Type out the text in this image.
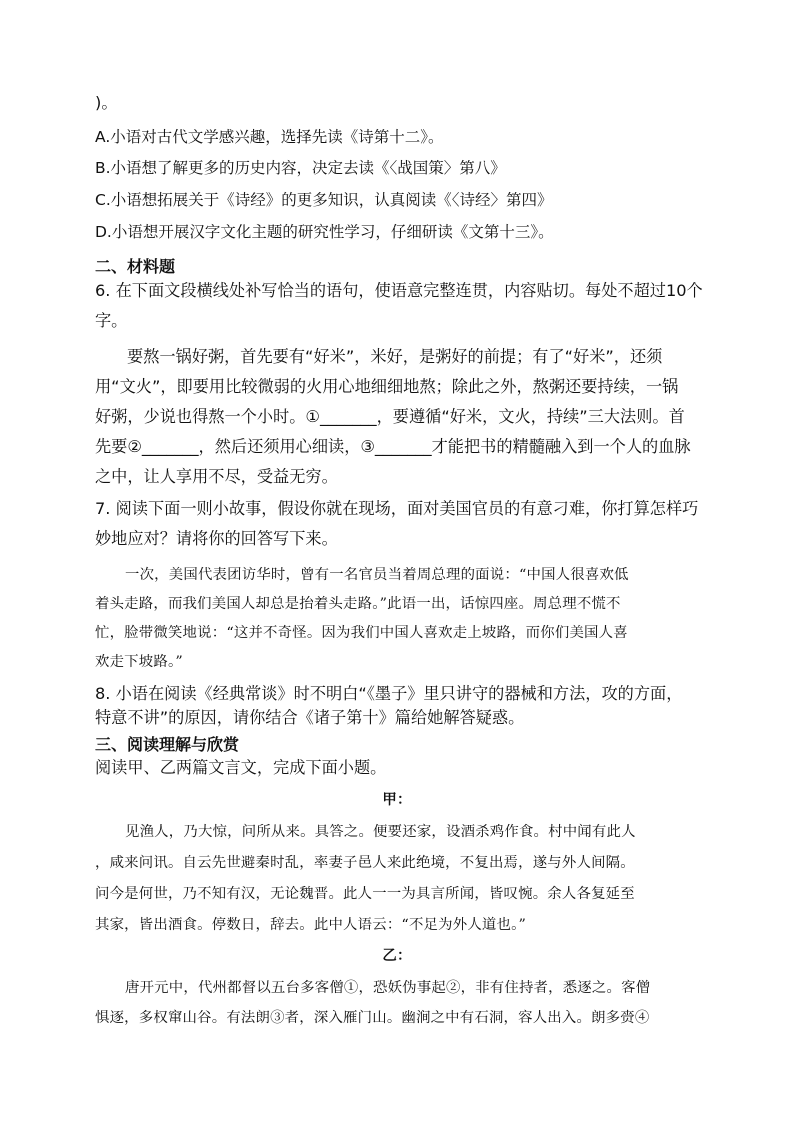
)。
A.小语对古代文学感兴趣，选择先读《诗第十二》。
B.小语想了解更多的历史内容，决定去读《〈战国策〉第八》
C.小语想拓展关于《诗经》的更多知识，认真阅读《〈诗经〉第四》
D.小语想开展汉字文化主题的研究性学习，仔细研读《文第十三》。
二、材料题
6. 在下面文段横线处补写恰当的语句，使语意完整连贯，内容贴切。每处不超过10个
字。
要熬一锅好粥，首先要有“好米”，米好，是粥好的前提；有了“好米”，还须
用“文火”，即要用比较微弱的火用心地细细地熬；除此之外，熬粥还要持续，一锅
好粥，少说也得熬一个小时。①_______，要遵循“好米，文火，持续”三大法则。首
先要②_______，然后还须用心细读，③_______才能把书的精髓融入到一个人的血脉
之中，让人享用不尽，受益无穷。
7. 阅读下面一则小故事，假设你就在现场，面对美国官员的有意刁难，你打算怎样巧
妙地应对？请将你的回答写下来。
一次，美国代表团访华时，曾有一名官员当着周总理的面说：“中国人很喜欢低
着头走路，而我们美国人却总是抬着头走路。”此语一出，话惊四座。周总理不慌不
忙，脸带微笑地说：“这并不奇怪。因为我们中国人喜欢走上坡路，而你们美国人喜
欢走下坡路。”
8. 小语在阅读《经典常谈》时不明白“《墨子》里只讲守的器械和方法，攻的方面，
特意不讲”的原因，请你结合《诸子第十》篇给她解答疑惑。
三、阅读理解与欣赏
阅读甲、乙两篇文言文，完成下面小题。
甲：
见渔人，乃大惊，问所从来。具答之。便要还家，设酒杀鸡作食。村中闻有此人
，咸来问讯。自云先世避秦时乱，率妻子邑人来此绝境，不复出焉，遂与外人间隔。
问今是何世，乃不知有汉，无论魏晋。此人一一为具言所闻，皆叹惋。余人各复延至
其家，皆出酒食。停数日，辞去。此中人语云：“不足为外人道也。”
乙：
唐开元中，代州都督以五台多客僧①，恐妖伪事起②，非有住持者，悉逐之。客僧
惧逐，多权窜山谷。有法朗③者，深入雁门山。幽涧之中有石洞，容人出入。朗多赍④
